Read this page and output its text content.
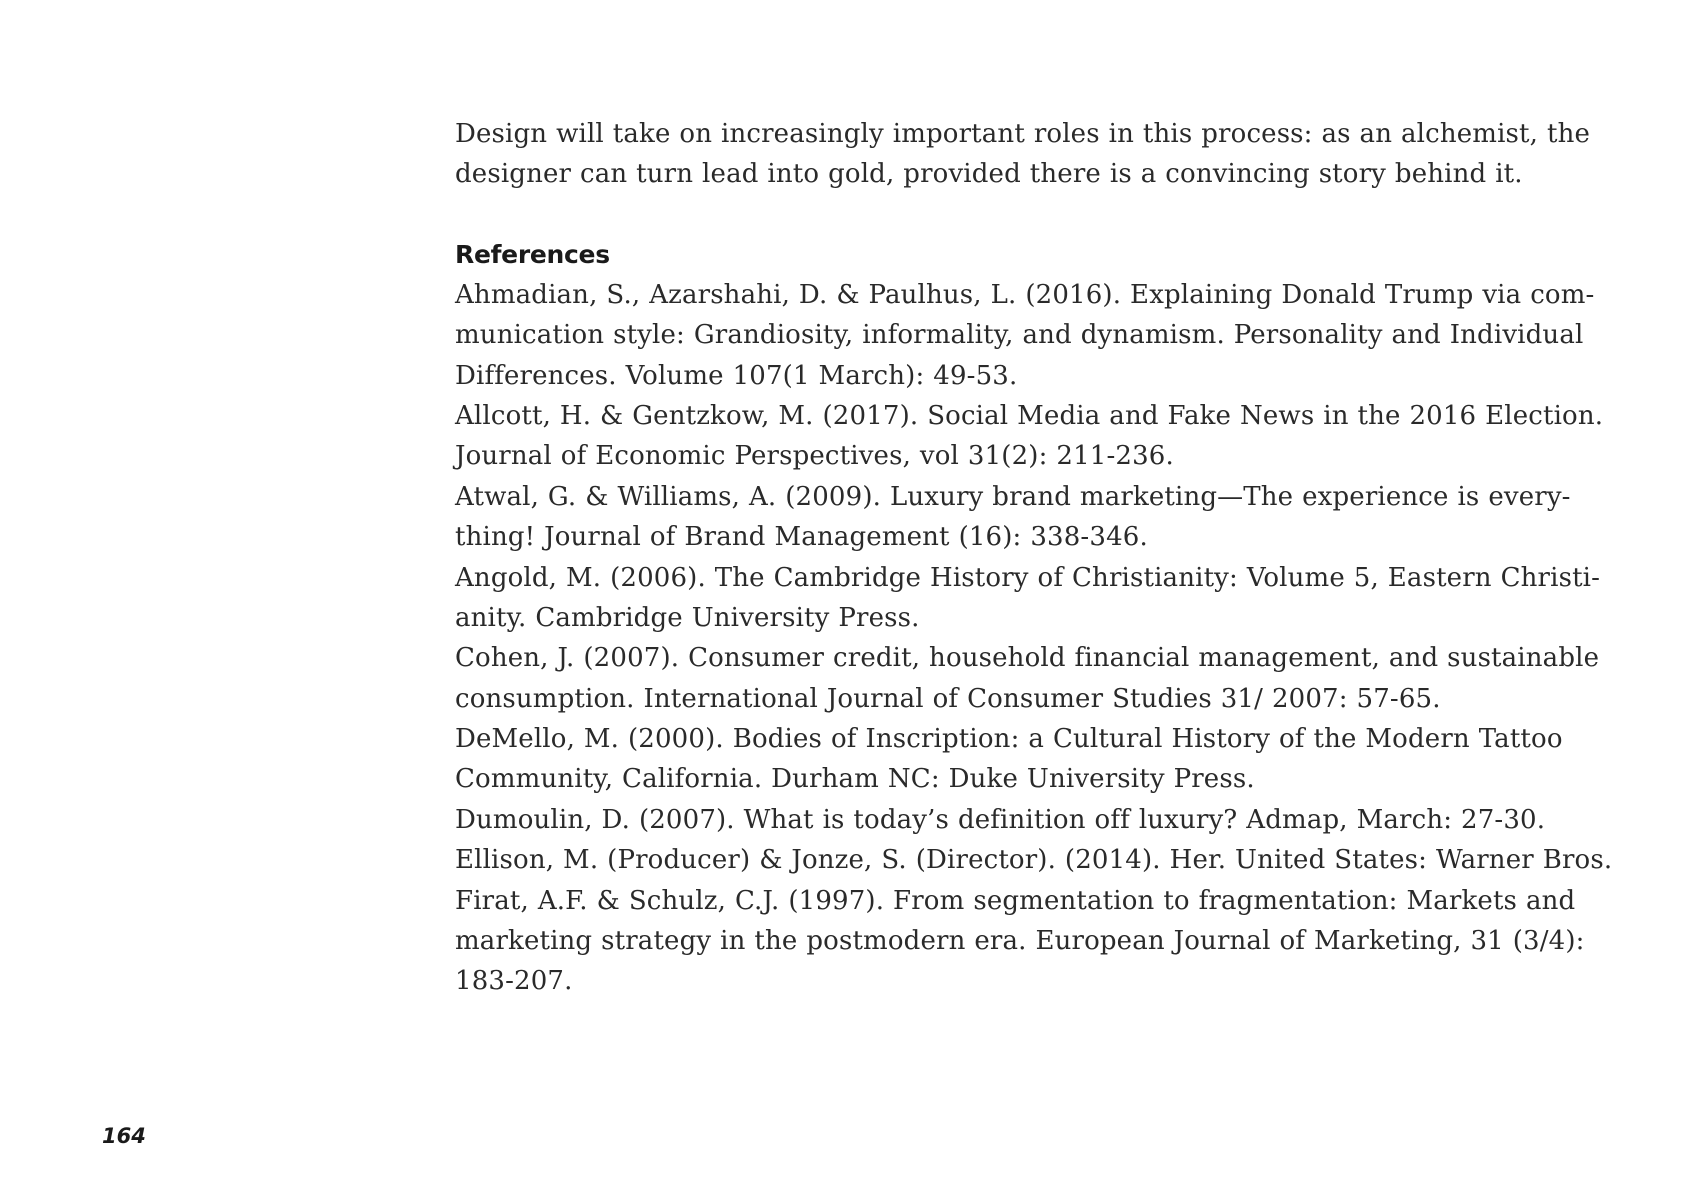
Design will take on increasingly important roles in this process: as an alchemist, the
designer can turn lead into gold, provided there is a convincing story behind it.
References
Ahmadian, S., Azarshahi, D. & Paulhus, L. (2016). Explaining Donald Trump via com-
munication style: Grandiosity, informality, and dynamism. Personality and Individual
Differences. Volume 107(1 March): 49-53.
Allcott, H. & Gentzkow, M. (2017). Social Media and Fake News in the 2016 Election.
Journal of Economic Perspectives, vol 31(2): 211-236.
Atwal, G. & Williams, A. (2009). Luxury brand marketing—The experience is every-
thing! Journal of Brand Management (16): 338-346.
Angold, M. (2006). The Cambridge History of Christianity: Volume 5, Eastern Christi-
anity. Cambridge University Press.
Cohen, J. (2007). Consumer credit, household financial management, and sustainable
consumption. International Journal of Consumer Studies 31/ 2007: 57-65.
DeMello, M. (2000). Bodies of Inscription: a Cultural History of the Modern Tattoo
Community, California. Durham NC: Duke University Press.
Dumoulin, D. (2007). What is today’s definition off luxury? Admap, March: 27-30.
Ellison, M. (Producer) & Jonze, S. (Director). (2014). Her. United States: Warner Bros.
Firat, A.F. & Schulz, C.J. (1997). From segmentation to fragmentation: Markets and
marketing strategy in the postmodern era. European Journal of Marketing, 31 (3/4):
183-207.
164
